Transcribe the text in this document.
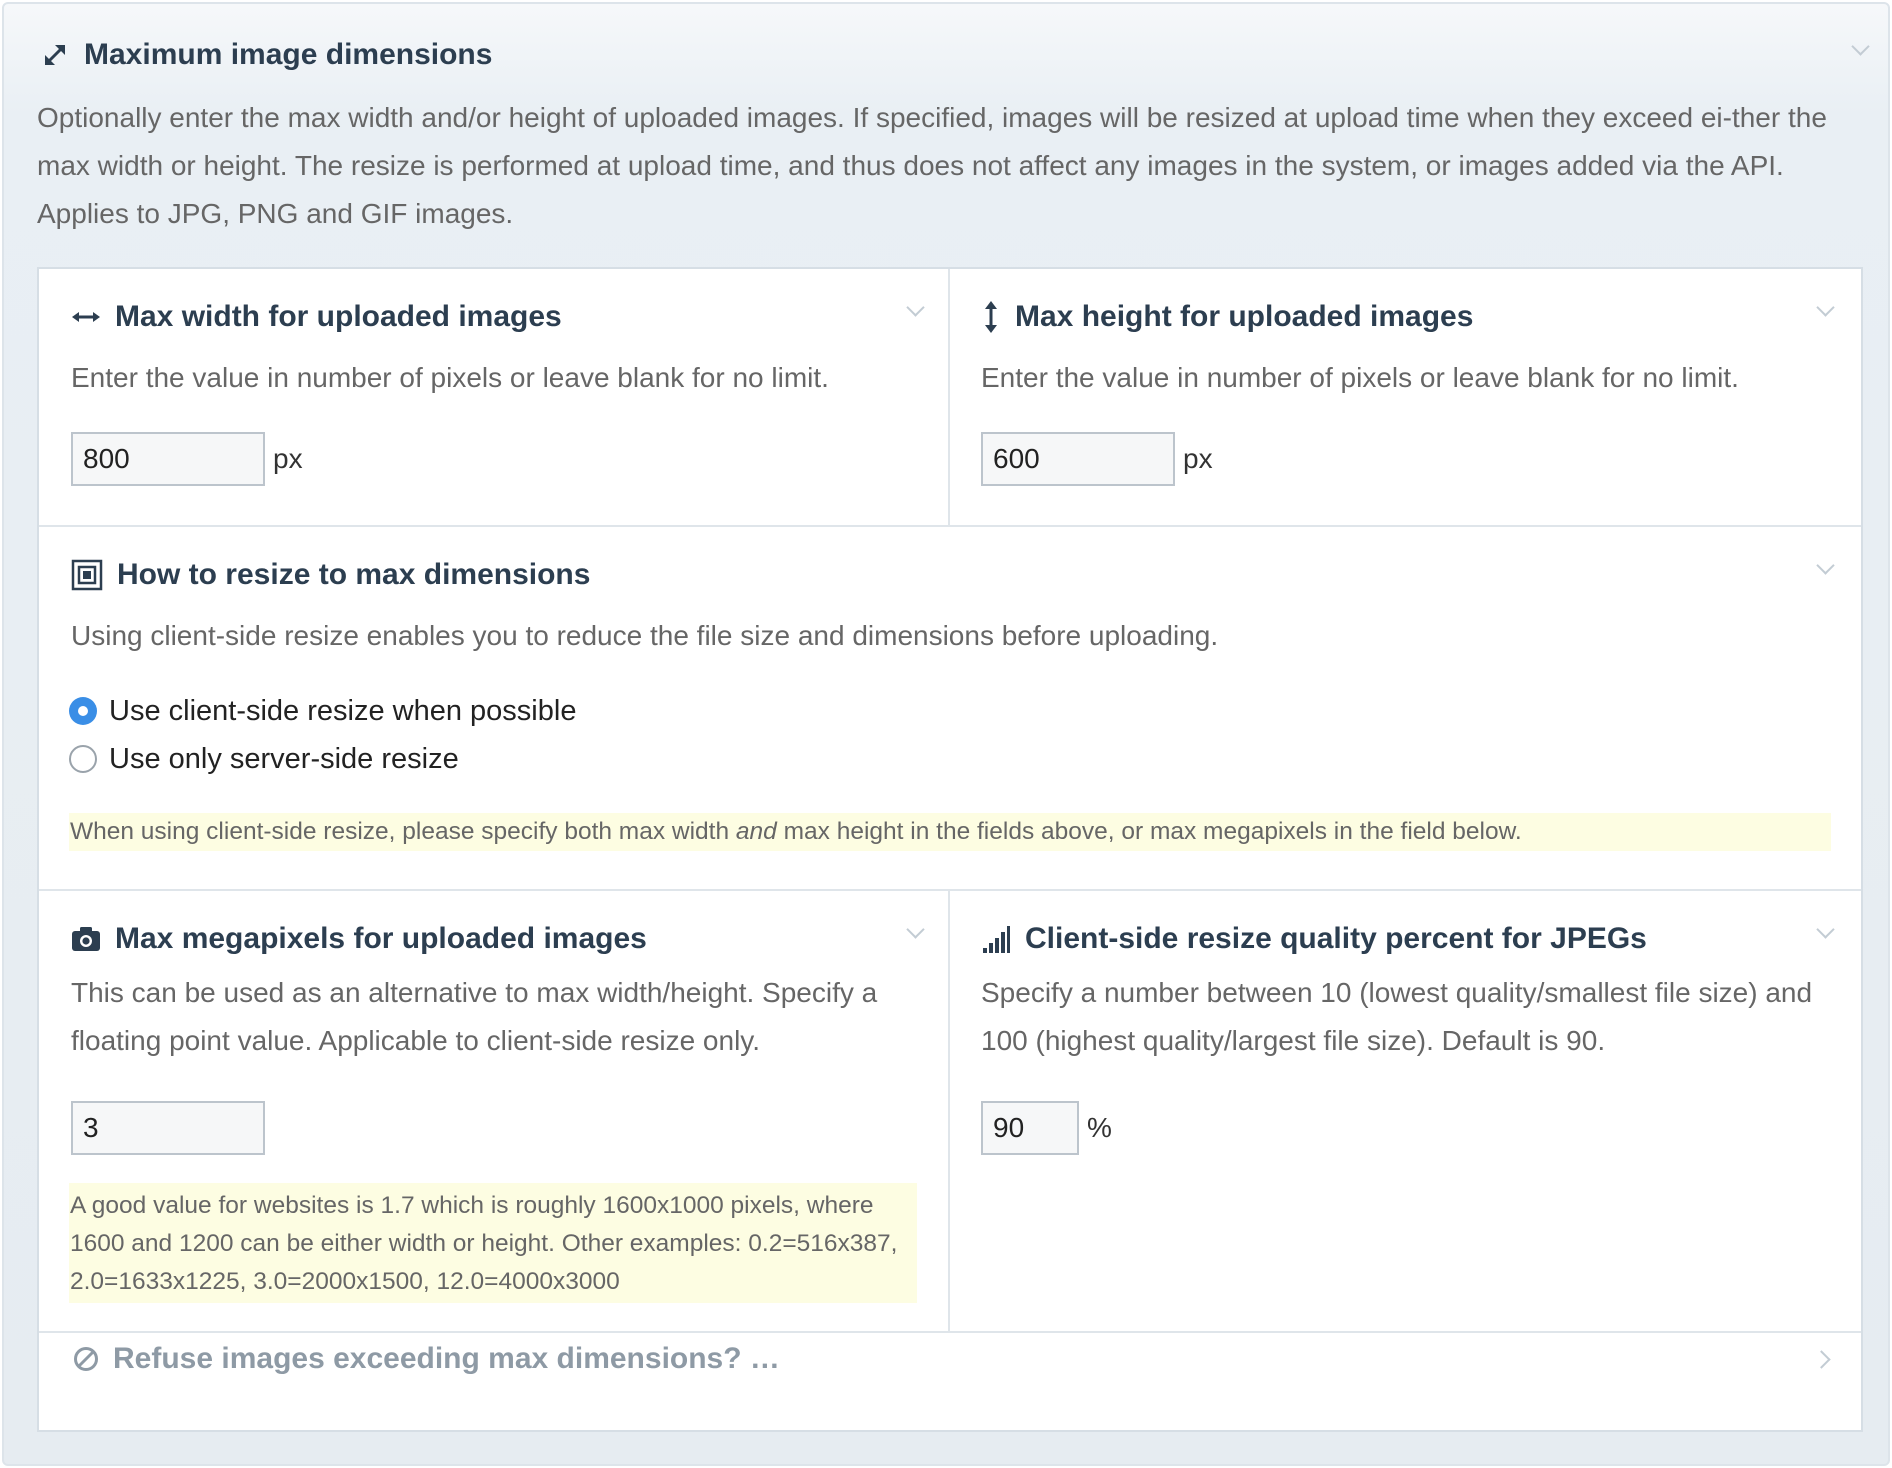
Maximum image dimensions

Optionally enter the max width and/or height of uploaded images. If specified, images will be resized at upload time when they exceed ei-ther the max width or height. The resize is performed at upload time, and thus does not affect any images in the system, or images added via the API. Applies to JPG, PNG and GIF images.

Max width for uploaded images

Enter the value in number of pixels or leave blank for no limit.

800
px
Max height for uploaded images

Enter the value in number of pixels or leave blank for no limit.

600
px
How to resize to max dimensions

Using client-side resize enables you to reduce the file size and dimensions before uploading.

Use client-side resize when possible
Use only server-side resize
When using client-side resize, please specify both max width and max height in the fields above, or max megapixels in the field below.
Max megapixels for uploaded images

This can be used as an alternative to max width/height. Specify a floating point value. Applicable to client-side resize only.

3
A good value for websites is 1.7 which is roughly 1600x1000 pixels, where 1600 and 1200 can be either width or height. Other examples: 0.2=516x387, 2.0=1633x1225, 3.0=2000x1500, 12.0=4000x3000
Client-side resize quality percent for JPEGs

Specify a number between 10 (lowest quality/smallest file size) and 100 (highest quality/largest file size). Default is 90.

90
%
Refuse images exceeding max dimensions? …
